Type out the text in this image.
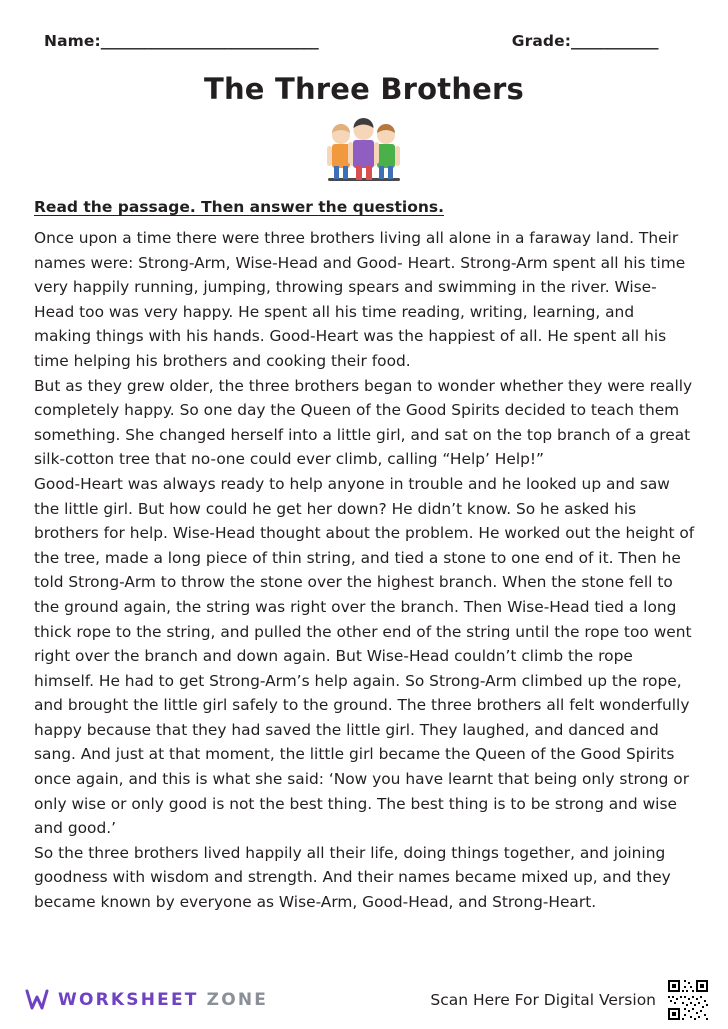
Name:______________________________	Grade:____________
The Three Brothers
Read the passage. Then answer the questions.

Once upon a time there were three brothers living all alone in a faraway land. Their names were: Strong-Arm, Wise-Head and Good- Heart. Strong-Arm spent all his time very happily running, jumping, throwing spears and swimming in the river. Wise-Head too was very happy. He spent all his time reading, writing, learning, and making things with his hands. Good-Heart was the happiest of all. He spent all his time helping his brothers and cooking their food.

But as they grew older, the three brothers began to wonder whether they were really completely happy. So one day the Queen of the Good Spirits decided to teach them something. She changed herself into a little girl, and sat on the top branch of a great silk-cotton tree that no-one could ever climb, calling “Help’ Help!”

Good-Heart was always ready to help anyone in trouble and he looked up and saw the little girl. But how could he get her down? He didn’t know. So he asked his brothers for help. Wise-Head thought about the problem. He worked out the height of the tree, made a long piece of thin string, and tied a stone to one end of it. Then he told Strong-Arm to throw the stone over the highest branch. When the stone fell to the ground again, the string was right over the branch. Then Wise-Head tied a long thick rope to the string, and pulled the other end of the string until the rope too went right over the branch and down again. But Wise-Head couldn’t climb the rope himself. He had to get Strong-Arm’s help again. So Strong-Arm climbed up the rope, and brought the little girl safely to the ground. The three brothers all felt wonderfully happy because that they had saved the little girl. They laughed, and danced and sang. And just at that moment, the little girl became the Queen of the Good Spirits once again, and this is what she said: ‘Now you have learnt that being only strong or only wise or only good is not the best thing. The best thing is to be strong and wise and good.’

So the three brothers lived happily all their life, doing things together, and joining goodness with wisdom and strength. And their names became mixed up, and they became known by everyone as Wise-Arm, Good-Head, and Strong-Heart.

WORKSHEET ZONE	Scan Here For Digital Version
